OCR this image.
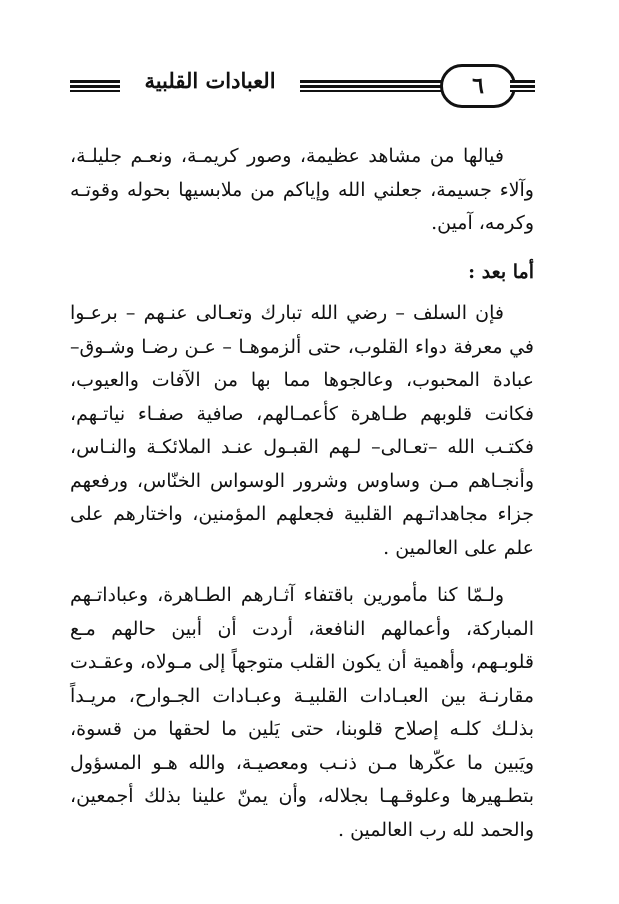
العبادات القلبية	٦

فيالها من مشاهد عظيمة، وصور كريمـة، ونعـم جليلـة، وآلاء جسيمة، جعلني الله وإياكم من ملابسيها بحوله وقوتـه وكرمه، آمين.

أما بعد :

فإن السلف – رضي الله تبارك وتعـالى عنـهم – برعـوا في معرفة دواء القلوب، حتى ألزموهـا – عـن رضـا وشـوق– عبادة المحبوب، وعالجوها مما بها من الآفات والعيوب، فكانت قلوبهم طـاهرة كأعمـالهم، صافية صفـاء نياتـهم، فكتـب الله –تعـالى– لـهم القبـول عنـد الملائكـة والنـاس، وأنجـاهم مـن وساوس وشرور الوسواس الخنّاس، ورفعهم جزاء مجاهداتـهم القلبية فجعلهم المؤمنين، واختارهم على علم على العالمين .

ولـمّا كنا مأمورين باقتفاء آثـارهم الطـاهرة، وعباداتـهم المباركة، وأعمالهم النافعة، أردت أن أبين حالهم مـع قلوبـهم، وأهمية أن يكون القلب متوجهاً إلى مـولاه، وعقـدت مقارنـة بين العبـادات القلبيـة وعبـادات الجـوارح، مريـداً بذلـك كلـه إصلاح قلوبنا، حتى يَلين ما لحقها من قسوة، ويَبين ما عكّرها مـن ذنـب ومعصيـة، والله هـو المسؤول بتطـهيرها وعلوقـهـا بجلاله، وأن يمنّ علينا بذلك أجمعين، والحمد لله رب العالمين .
